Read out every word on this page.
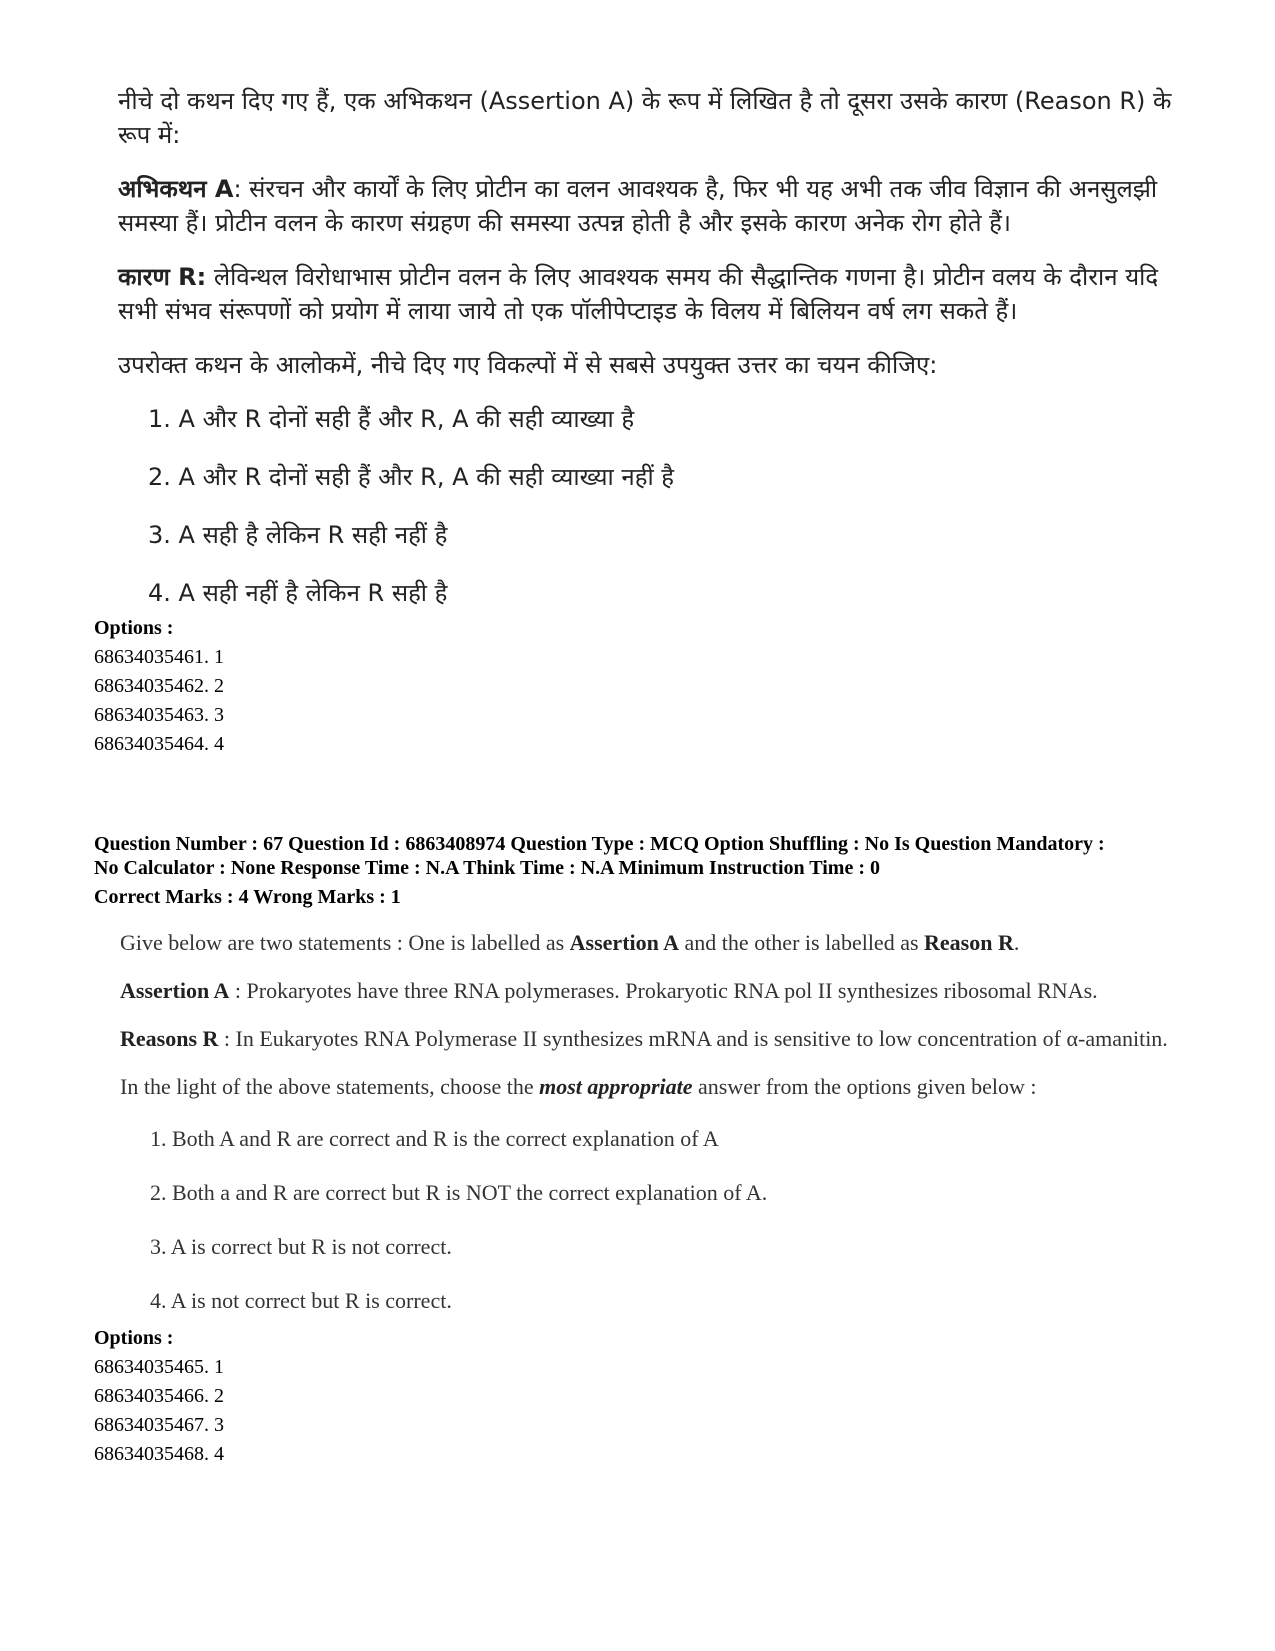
नीचे दो कथन दिए गए हैं, एक अभिकथन (Assertion A) के रूप में लिखित है तो दूसरा उसके कारण (Reason R) के रूप में:

अभिकथन A: संरचन और कार्यों के लिए प्रोटीन का वलन आवश्यक है, फिर भी यह अभी तक जीव विज्ञान की अनसुलझी समस्या हैं। प्रोटीन वलन के कारण संग्रहण की समस्या उत्पन्न होती है और इसके कारण अनेक रोग होते हैं।

कारण R: लेविन्थल विरोधाभास प्रोटीन वलन के लिए आवश्यक समय की सैद्धान्तिक गणना है। प्रोटीन वलय के दौरान यदि सभी संभव संरूपणों को प्रयोग में लाया जाये तो एक पॉलीपेप्टाइड के विलय में बिलियन वर्ष लग सकते हैं।

उपरोक्त कथन के आलोकमें, नीचे दिए गए विकल्पों में से सबसे उपयुक्त उत्तर का चयन कीजिए:

1. A और R दोनों सही हैं और R, A की सही व्याख्या है
2. A और R दोनों सही हैं और R, A की सही व्याख्या नहीं है
3. A सही है लेकिन R सही नहीं है
4. A सही नहीं है लेकिन R सही है
Options :
68634035461. 1
68634035462. 2
68634035463. 3
68634035464. 4
Question Number : 67 Question Id : 6863408974 Question Type : MCQ Option Shuffling : No Is Question Mandatory :
No Calculator : None Response Time : N.A Think Time : N.A Minimum Instruction Time : 0
Correct Marks : 4 Wrong Marks : 1

Give below are two statements : One is labelled as Assertion A and the other is labelled as Reason R.

Assertion A : Prokaryotes have three RNA polymerases. Prokaryotic RNA pol II synthesizes ribosomal RNAs.

Reasons R : In Eukaryotes RNA Polymerase II synthesizes mRNA and is sensitive to low concentration of α-amanitin.

In the light of the above statements, choose the most appropriate answer from the options given below :

1. Both A and R are correct and R is the correct explanation of A
2. Both a and R are correct but R is NOT the correct explanation of A.
3. A is correct but R is not correct.
4. A is not correct but R is correct.
Options :
68634035465. 1
68634035466. 2
68634035467. 3
68634035468. 4
